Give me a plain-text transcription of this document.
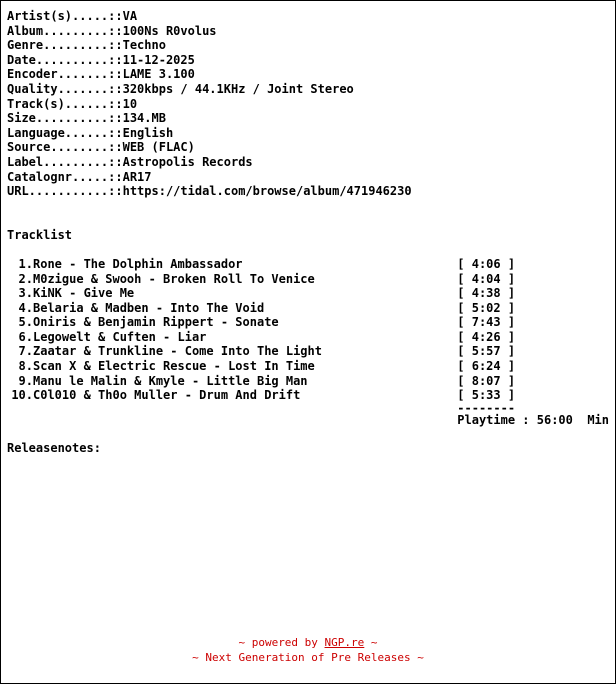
Artist(s).....::	VA
Album.........::	100Ns R0volus
Genre.........::	Techno
Date..........::	11-12-2025
Encoder.......::	LAME 3.100
Quality.......::	320kbps / 44.1KHz / Joint Stereo
Track(s)......::	10
Size..........::	134.MB
Language......::	English
Source........::	WEB (FLAC)
Label.........::	Astropolis Records
Catalognr.....::	AR17
URL...........::	https://tidal.com/browse/album/471946230
Tracklist
1.	Rone - The Dolphin Ambassador	[ 4:06 ]
2.	M0zigue & Swooh - Broken Roll To Venice	[ 4:04 ]
3.	KiNK - Give Me	[ 4:38 ]
4.	Belaria & Madben - Into The Void	[ 5:02 ]
5.	Oniris & Benjamin Rippert - Sonate	[ 7:43 ]
6.	Legowelt & Cuften - Liar	[ 4:26 ]
7.	Zaatar & Trunkline - Come Into The Light	[ 5:57 ]
8.	Scan X & Electric Rescue - Lost In Time	[ 6:24 ]
9.	Manu le Malin & Kmyle - Little Big Man	[ 8:07 ]
10.	C0l010 & Th0o Muller - Drum And Drift	[ 5:33 ]
		--------
		Playtime : 56:00  Min
Releasenotes:
~ powered by NGP.re ~
~ Next Generation of Pre Releases ~
